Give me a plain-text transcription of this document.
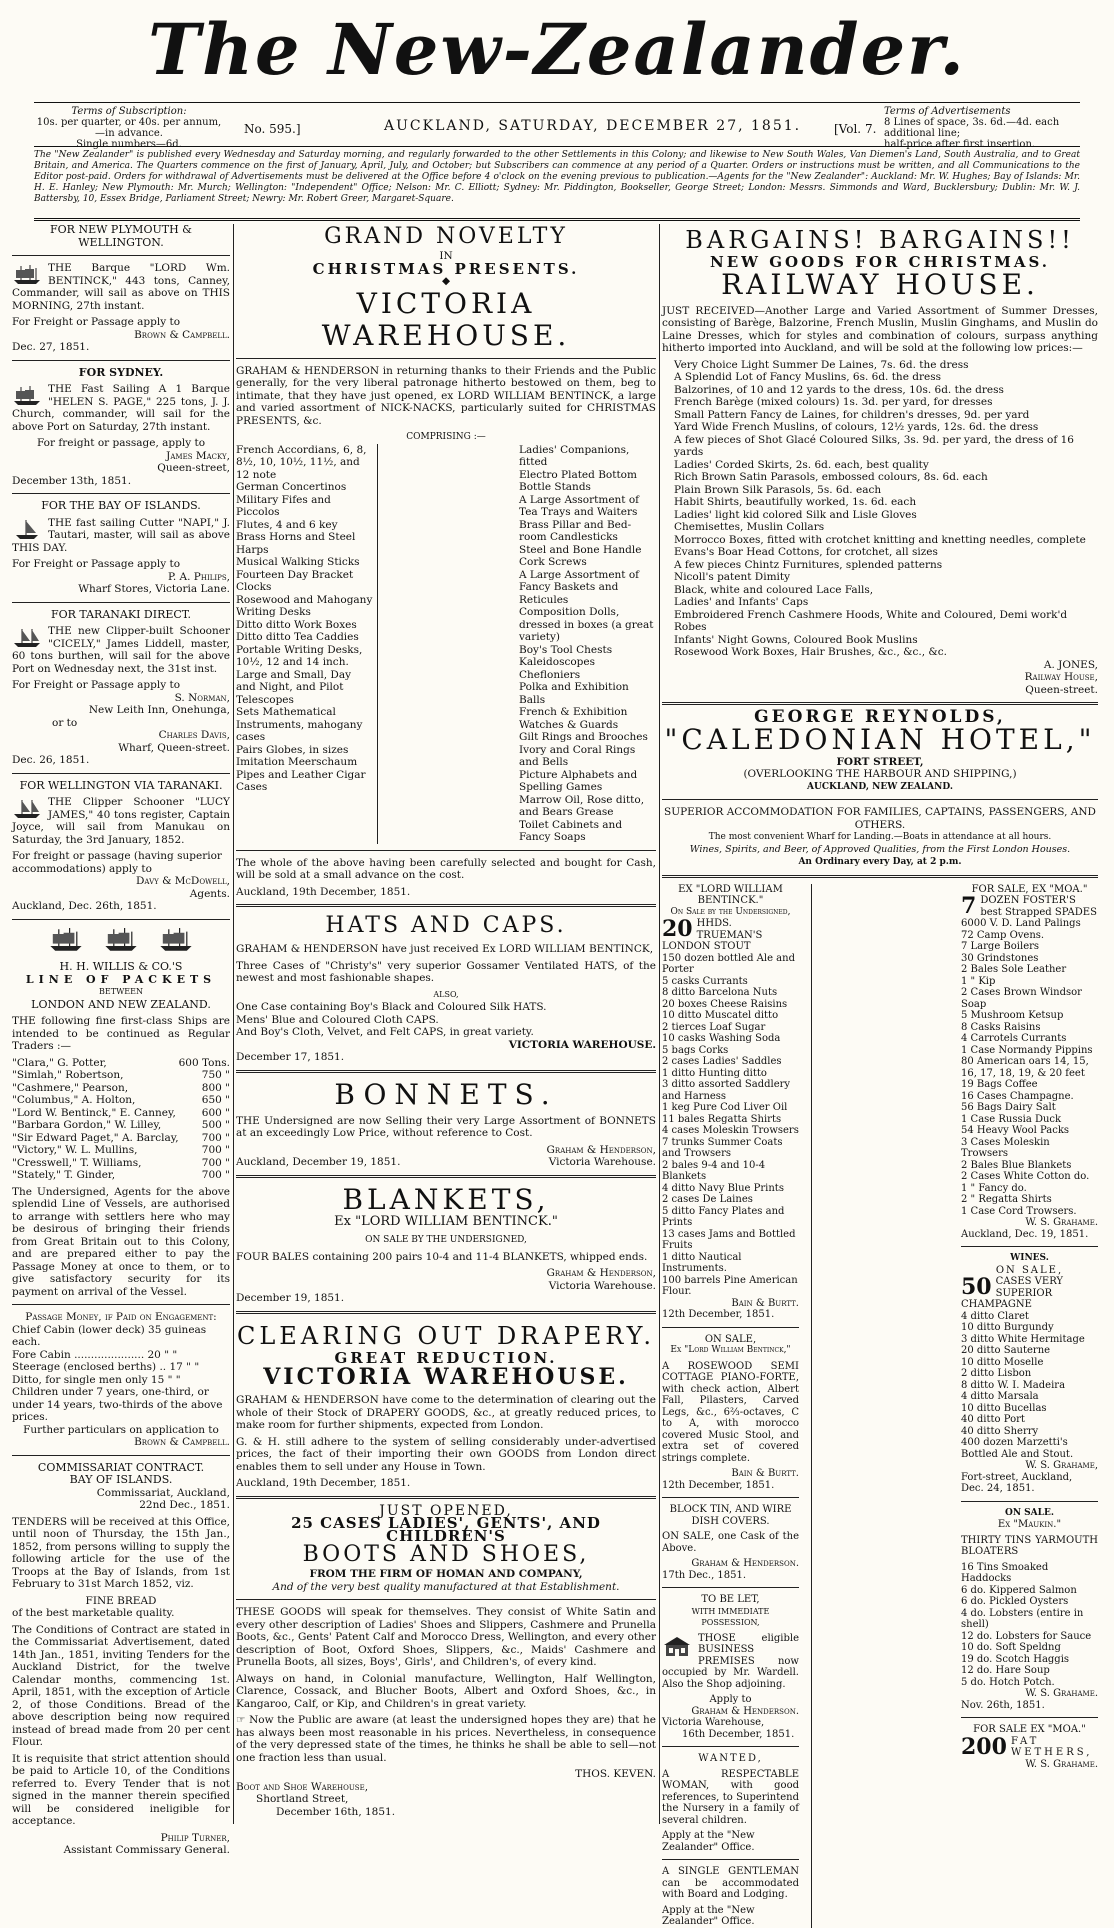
The New-Zealander.
Terms of Subscription:
10s. per quarter, or 40s. per annum,—in advance.
Single numbers—6d.
No. 595.]	AUCKLAND, SATURDAY, DECEMBER 27, 1851.	[Vol. 7.
Terms of Advertisements
8 Lines of space, 3s. 6d.—4d. each additional line;
half-price after first insertion.
The "New Zealander" is published every Wednesday and Saturday morning, and regularly forwarded to the other Settlements in this Colony; and likewise to New South Wales, Van Diemen's Land, South Australia, and to Great Britain, and America. The Quarters commence on the first of January, April, July, and October; but Subscribers can commence at any period of a Quarter. Orders or instructions must be written, and all Communications to the Editor post-paid. Orders for withdrawal of Advertisements must be delivered at the Office before 4 o'clock on the evening previous to publication.—Agents for the "New Zealander": Auckland: Mr. W. Hughes; Bay of Islands: Mr. H. E. Hanley; New Plymouth: Mr. Murch; Wellington: "Independent" Office; Nelson: Mr. C. Elliott; Sydney: Mr. Piddington, Bookseller, George Street; London: Messrs. Simmonds and Ward, Bucklersbury; Dublin: Mr. W. J. Battersby, 10, Essex Bridge, Parliament Street; Newry: Mr. Robert Greer, Margaret-Square.
FOR NEW PLYMOUTH & WELLINGTON.
THE Barque "LORD Wm. BENTINCK," 443 tons, Canney, Commander, will sail as above on THIS MORNING, 27th instant.
For Freight or Passage apply to
Brown & Campbell.
Dec. 27, 1851.
FOR SYDNEY.
THE Fast Sailing A 1 Barque "HELEN S. PAGE," 225 tons, J. J. Church, commander, will sail for the above Port on Saturday, 27th instant.
For freight or passage, apply to
James Macky,
Queen-street,
December 13th, 1851.
FOR THE BAY OF ISLANDS.
THE fast sailing Cutter "NAPI," J. Tautari, master, will sail as above THIS DAY.
For Freight or Passage apply to
P. A. Philips,
Wharf Stores, Victoria Lane.
FOR TARANAKI DIRECT.
THE new Clipper-built Schooner "CICELY," James Liddell, master, 60 tons burthen, will sail for the above Port on Wednesday next, the 31st inst.
For Freight or Passage apply to
S. Norman,
New Leith Inn, Onehunga,
or to
Charles Davis,
Wharf, Queen-street.
Dec. 26, 1851.
FOR WELLINGTON VIA TARANAKI.
THE Clipper Schooner "LUCY JAMES," 40 tons register, Captain Joyce, will sail from Manukau on Saturday, the 3rd January, 1852.
For freight or passage (having superior accommodations) apply to
Davy & McDowell,
Agents.
Auckland, Dec. 26th, 1851.

H. H. WILLIS & CO.'S
LINE OF PACKETS
BETWEEN
LONDON AND NEW ZEALAND.
THE following fine first-class Ships are intended to be continued as Regular Traders :—
"Clara," G. Potter,	600 Tons.
"Simlah," Robertson,	750 "
"Cashmere," Pearson,	800 "
"Columbus," A. Holton,	650 "
"Lord W. Bentinck," E. Canney, 600 "
"Barbara Gordon," W. Lilley,	500 "
"Sir Edward Paget," A. Barclay, 700 "
"Victory," W. L. Mullins,	700 "
"Cresswell," T. Williams,	700 "
"Stately," T. Ginder,	700 "
The Undersigned, Agents for the above splendid Line of Vessels, are authorised to arrange with settlers here who may be desirous of bringing their friends from Great Britain out to this Colony, and are prepared either to pay the Passage Money at once to them, or to give satisfactory security for its payment on arrival of the Vessel.
Passage Money, if Paid on Engagement:
Chief Cabin (lower deck) 35 guineas each.
Fore Cabin ..................... 20 " "
Steerage (enclosed berths) .. 17 " "
Ditto, for single men only 15 " "
Children under 7 years, one-third, or under 14 years, two-thirds of the above prices.
Further particulars on application to
Brown & Campbell.
COMMISSARIAT CONTRACT.
BAY OF ISLANDS.
Commissariat, Auckland,
22nd Dec., 1851.
TENDERS will be received at this Office, until noon of Thursday, the 15th Jan., 1852, from persons willing to supply the following article for the use of the Troops at the Bay of Islands, from 1st February to 31st March 1852, viz.
FINE BREAD
of the best marketable quality.
The Conditions of Contract are stated in the Commissariat Advertisement, dated 14th Jan., 1851, inviting Tenders for the Auckland District, for the twelve Calendar months, commencing 1st. April, 1851, with the exception of Article 2, of those Conditions. Bread of the above description being now required instead of bread made from 20 per cent Flour.
It is requisite that strict attention should be paid to Article 10, of the Conditions referred to. Every Tender that is not signed in the manner therein specified will be considered ineligible for acceptance.
Philip Turner,
Assistant Commissary General.
GRAND NOVELTY
IN
CHRISTMAS PRESENTS.
◆
VICTORIA WAREHOUSE.
GRAHAM & HENDERSON in returning thanks to their Friends and the Public generally, for the very liberal patronage hitherto bestowed on them, beg to intimate, that they have just opened, ex LORD WILLIAM BENTINCK, a large and varied assortment of NICK-NACKS, particularly suited for CHRISTMAS PRESENTS, &c.
COMPRISING :—
French Accordians, 6, 8, 8½, 10, 10½, 11½, and 12 note
German Concertinos
Military Fifes and Piccolos
Flutes, 4 and 6 key
Brass Horns and Steel Harps
Musical Walking Sticks
Fourteen Day Bracket Clocks
Rosewood and Mahogany Writing Desks
Ditto ditto Work Boxes
Ditto ditto Tea Caddies
Portable Writing Desks, 10½, 12 and 14 inch.
Large and Small, Day and Night, and Pilot Telescopes
Sets Mathematical Instruments, mahogany cases
Pairs Globes, in sizes
Imitation Meerschaum Pipes and Leather Cigar Cases
Ladies' Companions, fitted
Electro Plated Bottom Bottle Stands
A Large Assortment of Tea Trays and Waiters
Brass Pillar and Bed-room Candlesticks
Steel and Bone Handle Cork Screws
A Large Assortment of Fancy Baskets and Reticules
Composition Dolls, dressed in boxes (a great variety)
Boy's Tool Chests
Kaleidoscopes
Chefloniers
Polka and Exhibition Balls
French & Exhibition Watches & Guards
Gilt Rings and Brooches
Ivory and Coral Rings and Bells
Picture Alphabets and Spelling Games
Marrow Oil, Rose ditto, and Bears Grease
Toilet Cabinets and Fancy Soaps
The whole of the above having been carefully selected and bought for Cash, will be sold at a small advance on the cost.
Auckland, 19th December, 1851.
HATS AND CAPS.
GRAHAM & HENDERSON have just received Ex LORD WILLIAM BENTINCK,
Three Cases of "Christy's" very superior Gossamer Ventilated HATS, of the newest and most fashionable shapes.
ALSO,
One Case containing Boy's Black and Coloured Silk HATS.
Mens' Blue and Coloured Cloth CAPS.
And Boy's Cloth, Velvet, and Felt CAPS, in great variety.
VICTORIA WAREHOUSE.
December 17, 1851.
BONNETS.
THE Undersigned are now Selling their very Large Assortment of BONNETS at an exceedingly Low Price, without reference to Cost.
Graham & Henderson,
Auckland, December 19, 1851.	Victoria Warehouse.
BLANKETS,
Ex "LORD WILLIAM BENTINCK."
ON SALE BY THE UNDERSIGNED,
FOUR BALES containing 200 pairs 10-4 and 11-4 BLANKETS, whipped ends.
Graham & Henderson,
Victoria Warehouse.
December 19, 1851.
CLEARING OUT DRAPERY.
GREAT REDUCTION.
VICTORIA WAREHOUSE.
GRAHAM & HENDERSON have come to the determination of clearing out the whole of their Stock of DRAPERY GOODS, &c., at greatly reduced prices, to make room for further shipments, expected from London.
G. & H. still adhere to the system of selling considerably under-advertised prices, the fact of their importing their own GOODS from London direct enables them to sell under any House in Town.
Auckland, 19th December, 1851.
JUST OPENED,
25 CASES LADIES', GENTS', AND CHILDREN'S
BOOTS AND SHOES,
FROM THE FIRM OF HOMAN AND COMPANY,
And of the very best quality manufactured at that Establishment.
THESE GOODS will speak for themselves. They consist of White Satin and every other description of Ladies' Shoes and Slippers, Cashmere and Prunella Boots, &c., Gents' Patent Calf and Morocco Dress, Wellington, and every other description of Boot, Oxford Shoes, Slippers, &c., Maids' Cashmere and Prunella Boots, all sizes, Boys', Girls', and Children's, of every kind.
Always on hand, in Colonial manufacture, Wellington, Half Wellington, Clarence, Cossack, and Blucher Boots, Albert and Oxford Shoes, &c., in Kangaroo, Calf, or Kip, and Children's in great variety.
☞ Now the Public are aware (at least the undersigned hopes they are) that he has always been most reasonable in his prices. Nevertheless, in consequence of the very depressed state of the times, he thinks he shall be able to sell—not one fraction less than usual.
THOS. KEVEN.
Boot and Shoe Warehouse,
Shortland Street,
December 16th, 1851.
BARGAINS! BARGAINS!!
NEW GOODS FOR CHRISTMAS.
RAILWAY HOUSE.
JUST RECEIVED—Another Large and Varied Assortment of Summer Dresses, consisting of Barège, Balzorine, French Muslin, Muslin Ginghams, and Muslin do Laine Dresses, which for styles and combination of colours, surpass anything hitherto imported into Auckland, and will be sold at the following low prices:—
Very Choice Light Summer De Laines, 7s. 6d. the dress
A Splendid Lot of Fancy Muslins, 6s. 6d. the dress
Balzorines, of 10 and 12 yards to the dress, 10s. 6d. the dress
French Barège (mixed colours) 1s. 3d. per yard, for dresses
Small Pattern Fancy de Laines, for children's dresses, 9d. per yard
Yard Wide French Muslins, of colours, 12½ yards, 12s. 6d. the dress
A few pieces of Shot Glacé Coloured Silks, 3s. 9d. per yard, the dress of 16 yards
Ladies' Corded Skirts, 2s. 6d. each, best quality
Rich Brown Satin Parasols, embossed colours, 8s. 6d. each
Plain Brown Silk Parasols, 5s. 6d. each
Habit Shirts, beautifully worked, 1s. 6d. each
Ladies' light kid colored Silk and Lisle Gloves
Chemisettes, Muslin Collars
Morrocco Boxes, fitted with crotchet knitting and knetting needles, complete
Evans's Boar Head Cottons, for crotchet, all sizes
A few pieces Chintz Furnitures, splended patterns
Nicoll's patent Dimity
Black, white and coloured Lace Falls,
Ladies' and Infants' Caps
Embroidered French Cashmere Hoods, White and Coloured, Demi work'd Robes
Infants' Night Gowns, Coloured Book Muslins
Rosewood Work Boxes, Hair Brushes, &c., &c., &c.
A. JONES,
Railway House,
Queen-street.
GEORGE REYNOLDS,
"CALEDONIAN HOTEL,"
FORT STREET,
(OVERLOOKING THE HARBOUR AND SHIPPING,)
AUCKLAND, NEW ZEALAND.
SUPERIOR ACCOMMODATION FOR FAMILIES, CAPTAINS, PASSENGERS, AND OTHERS.
The most convenient Wharf for Landing.—Boats in attendance at all hours.
Wines, Spirits, and Beer, of Approved Qualities, from the First London Houses.
An Ordinary every Day, at 2 p.m.
EX "LORD WILLIAM BENTINCK."
On Sale by the Undersigned,
20 HHDS. TRUEMAN'S LONDON STOUT
150 dozen bottled Ale and Porter
5 casks Currants
8 ditto Barcelona Nuts
20 boxes Cheese Raisins
10 ditto Muscatel ditto
2 tierces Loaf Sugar
10 casks Washing Soda
5 bags Corks
2 cases Ladies' Saddles
1 ditto Hunting ditto
3 ditto assorted Saddlery and Harness
1 keg Pure Cod Liver Oil
11 bales Regatta Shirts
4 cases Moleskin Trowsers
7 trunks Summer Coats and Trowsers
2 bales 9-4 and 10-4 Blankets
4 ditto Navy Blue Prints
2 cases De Laines
5 ditto Fancy Plates and Prints
13 cases Jams and Bottled Fruits
1 ditto Nautical Instruments.
100 barrels Pine American Flour.
Bain & Burtt.
12th December, 1851.
ON SALE,
Ex "Lord William Bentinck,"
A ROSEWOOD SEMI COTTAGE PIANO-FORTE, with check action, Albert Fall, Pilasters, Carved Legs, &c., 6⅔-octaves, C to A, with morocco covered Music Stool, and extra set of covered strings complete.
Bain & Burtt.
12th December, 1851.
BLOCK TIN, AND WIRE DISH COVERS.
ON SALE, one Cask of the Above.
Graham & Henderson.
17th Dec., 1851.
TO BE LET,
WITH IMMEDIATE POSSESSION,
THOSE eligible BUSINESS PREMISES now occupied by Mr. Wardell. Also the Shop adjoining.
Apply to
Graham & Henderson.
Victoria Warehouse,
16th December, 1851.
WANTED,
A RESPECTABLE WOMAN, with good references, to Superintend the Nursery in a family of several children.
Apply at the "New Zealander" Office.
A SINGLE GENTLEMAN can be accommodated with Board and Lodging.
Apply at the "New Zealander" Office.
FOR SALE, EX "MOA."
7 DOZEN FOSTER'S best Strapped SPADES
6000 V. D. Land Palings
72 Camp Ovens.
7 Large Boilers
30 Grindstones
2 Bales Sole Leather
1 " Kip
2 Cases Brown Windsor Soap
5 Mushroom Ketsup
8 Casks Raisins
4 Carrotels Currants
1 Case Normandy Pippins
80 American oars 14, 15, 16, 17, 18, 19, & 20 feet
19 Bags Coffee
16 Cases Champagne.
56 Bags Dairy Salt
1 Case Russia Duck
54 Heavy Wool Packs
3 Cases Moleskin Trowsers
2 Bales Blue Blankets
2 Cases White Cotton do.
1 " Fancy do.
2 " Regatta Shirts
1 Case Cord Trowsers.
W. S. Grahame.
Auckland, Dec. 19, 1851.
WINES.
ON SALE,
50 CASES VERY SUPERIOR CHAMPAGNE
4 ditto Claret
10 ditto Burgundy
3 ditto White Hermitage
20 ditto Sauterne
10 ditto Moselle
2 ditto Lisbon
8 ditto W. I. Madeira
4 ditto Marsala
10 ditto Bucellas
40 ditto Port
40 ditto Sherry
400 dozen Marzetti's Bottled Ale and Stout.
W. S. Grahame,
Fort-street, Auckland, Dec. 24, 1851.
ON SALE.
Ex "Maukin."
THIRTY TINS YARMOUTH BLOATERS
16 Tins Smoaked Haddocks
6 do. Kippered Salmon
6 do. Pickled Oysters
4 do. Lobsters (entire in shell)
12 do. Lobsters for Sauce
10 do. Soft Speldng
19 do. Scotch Haggis
12 do. Hare Soup
5 do. Hotch Potch.
W. S. Grahame.
Nov. 26th, 1851.
FOR SALE EX "MOA."
200 FAT WETHERS,
W. S. Grahame.
